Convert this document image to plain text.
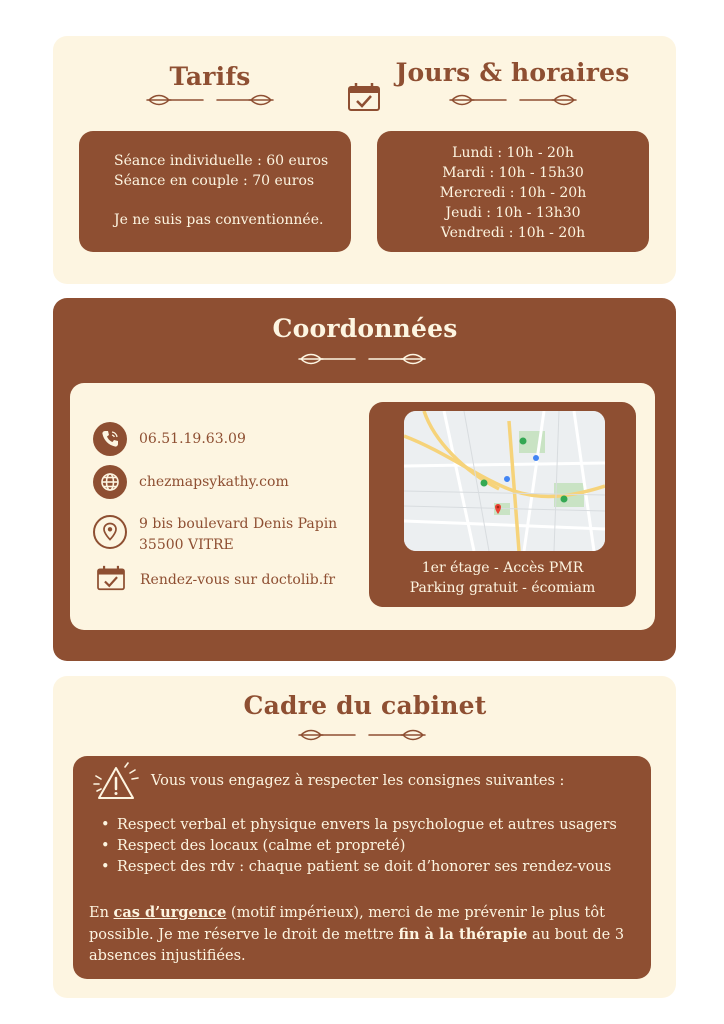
Tarifs	Jours & horaires
Séance individuelle : 60 euros
Séance en couple : 70 euros
Je ne suis pas conventionnée.
Lundi : 10h - 20h
Mardi : 10h - 15h30
Mercredi : 10h - 20h
Jeudi : 10h - 13h30
Vendredi : 10h - 20h
Coordonnées
06.51.19.63.09
chezmapsykathy.com
9 bis boulevard Denis Papin
35500 VITRE
Rendez-vous sur doctolib.fr
1er étage - Accès PMR
Parking gratuit - écomiam
Cadre du cabinet
Vous vous engagez à respecter les consignes suivantes :
• Respect verbal et physique envers la psychologue et autres usagers
• Respect des locaux (calme et propreté)
• Respect des rdv : chaque patient se doit d’honorer ses rendez-vous
En cas d’urgence (motif impérieux), merci de me prévenir le plus tôt possible. Je me réserve le droit de mettre fin à la thérapie au bout de 3 absences injustifiées.
